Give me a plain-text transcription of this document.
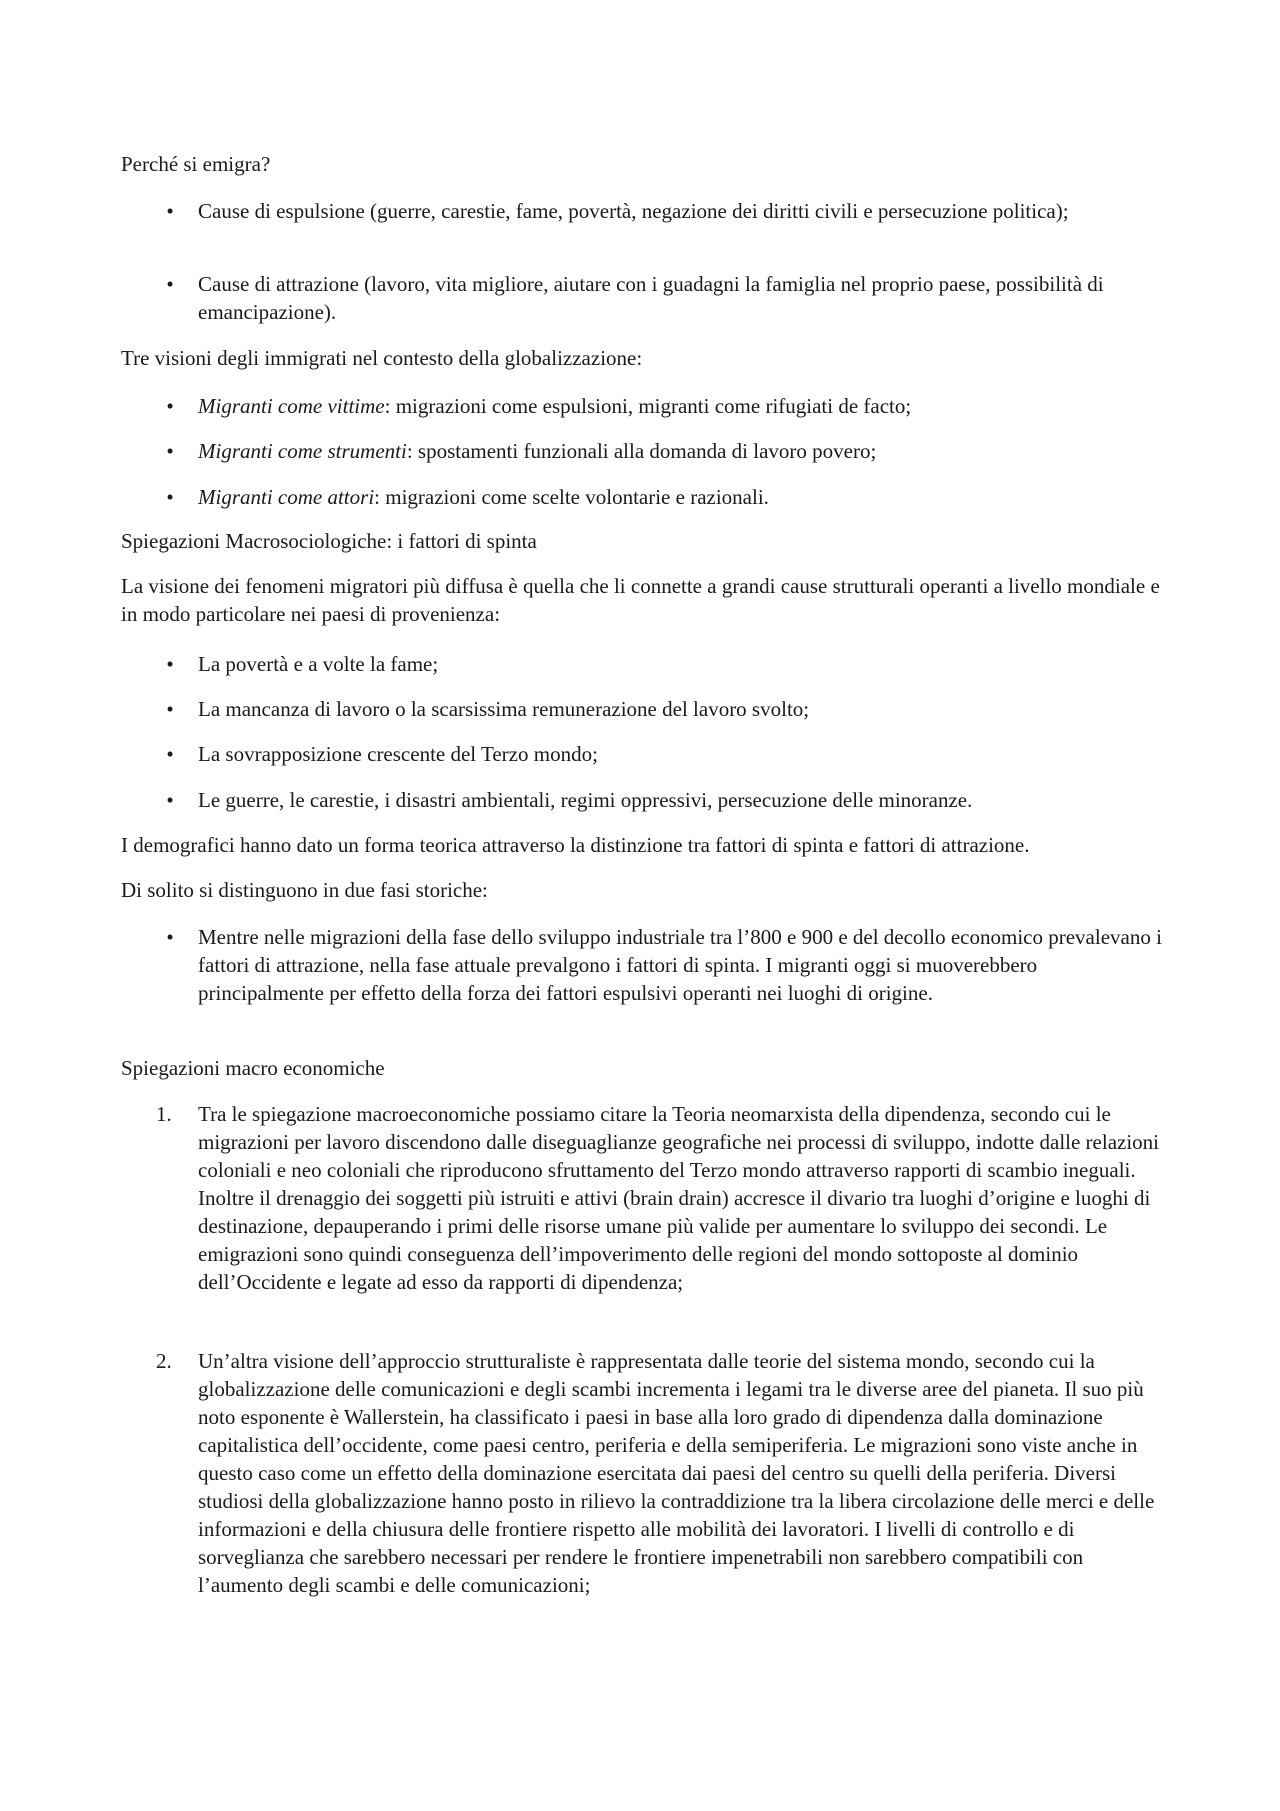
Perché si emigra?

•	Cause di espulsione (guerre, carestie, fame, povertà, negazione dei diritti civili e persecuzione politica);
•	Cause di attrazione (lavoro, vita migliore, aiutare con i guadagni la famiglia nel proprio paese, possibilità di emancipazione).

Tre visioni degli immigrati nel contesto della globalizzazione:

•	Migranti come vittime: migrazioni come espulsioni, migranti come rifugiati de facto;
•	Migranti come strumenti: spostamenti funzionali alla domanda di lavoro povero;
•	Migranti come attori: migrazioni come scelte volontarie e razionali.

Spiegazioni Macrosociologiche: i fattori di spinta

La visione dei fenomeni migratori più diffusa è quella che li connette a grandi cause strutturali operanti a livello mondiale e in modo particolare nei paesi di provenienza:

•	La povertà e a volte la fame;
•	La mancanza di lavoro o la scarsissima remunerazione del lavoro svolto;
•	La sovrapposizione crescente del Terzo mondo;
•	Le guerre, le carestie, i disastri ambientali, regimi oppressivi, persecuzione delle minoranze.

I demografici hanno dato un forma teorica attraverso la distinzione tra fattori di spinta e fattori di attrazione.

Di solito si distinguono in due fasi storiche:

•	Mentre nelle migrazioni della fase dello sviluppo industriale tra l’800 e 900 e del decollo economico prevalevano i fattori di attrazione, nella fase attuale prevalgono i fattori di spinta. I migranti oggi si muoverebbero principalmente per effetto della forza dei fattori espulsivi operanti nei luoghi di origine.

Spiegazioni macro economiche

1.	Tra le spiegazione macroeconomiche possiamo citare la Teoria neomarxista della dipendenza, secondo cui le migrazioni per lavoro discendono dalle diseguaglianze geografiche nei processi di sviluppo, indotte dalle relazioni coloniali e neo coloniali che riproducono sfruttamento del Terzo mondo attraverso rapporti di scambio ineguali. Inoltre il drenaggio dei soggetti più istruiti e attivi (brain drain) accresce il divario tra luoghi d’origine e luoghi di destinazione, depauperando i primi delle risorse umane più valide per aumentare lo sviluppo dei secondi. Le emigrazioni sono quindi conseguenza dell’impoverimento delle regioni del mondo sottoposte al dominio dell’Occidente e legate ad esso da rapporti di dipendenza;
2.	Un’altra visione dell’approccio strutturaliste è rappresentata dalle teorie del sistema mondo, secondo cui la globalizzazione delle comunicazioni e degli scambi incrementa i legami tra le diverse aree del pianeta. Il suo più noto esponente è Wallerstein, ha classificato i paesi in base alla loro grado di dipendenza dalla dominazione capitalistica dell’occidente, come paesi centro, periferia e della semiperiferia. Le migrazioni sono viste anche in questo caso come un effetto della dominazione esercitata dai paesi del centro su quelli della periferia. Diversi studiosi della globalizzazione hanno posto in rilievo la contraddizione tra la libera circolazione delle merci e delle informazioni e della chiusura delle frontiere rispetto alle mobilità dei lavoratori. I livelli di controllo e di sorveglianza che sarebbero necessari per rendere le frontiere impenetrabili non sarebbero compatibili con l’aumento degli scambi e delle comunicazioni;
